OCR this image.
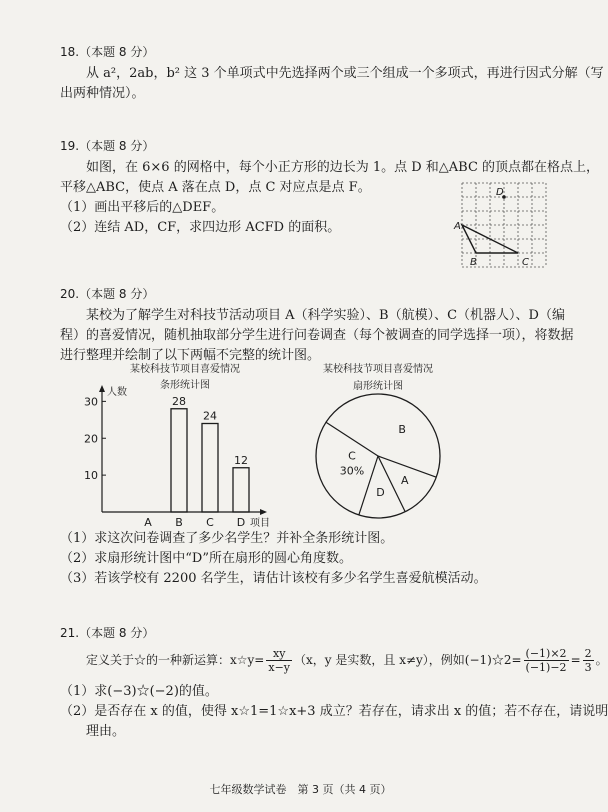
18.（本题 8 分）
从 a²，2ab，b² 这 3 个单项式中先选择两个或三个组成一个多项式，再进行因式分解（写
出两种情况）。
19.（本题 8 分）
如图，在 6×6 的网格中，每个小正方形的边长为 1。点 D 和△ABC 的顶点都在格点上，
平移△ABC，使点 A 落在点 D，点 C 对应点是点 F。
（1）画出平移后的△DEF。
（2）连结 AD，CF，求四边形 ACFD 的面积。	A
B	C
D
20.（本题 8 分）
某校为了解学生对科技节活动项目 A（科学实验）、B（航模）、C（机器人）、D（编
程）的喜爱情况，随机抽取部分学生进行问卷调查（每个被调查的同学选择一项），将数据
进行整理并绘制了以下两幅不完整的统计图。
某校科技节项目喜爱情况
条形统计图
人数
项目
10
20
30
A
28
B
24
C
12
D
某校科技节项目喜爱情况
扇形统计图
B
A
D
C
30%
（1）求这次问卷调查了多少名学生？并补全条形统计图。
（2）求扇形统计图中“D”所在扇形的圆心角度数。
（3）若该学校有 2200 名学生，请估计该校有多少名学生喜爱航模活动。
21.（本题 8 分）
定义关于☆的一种新运算：x☆y= $\frac{xy}{x-y} (x$，y 是实数，且 x≠y），例如(−1)☆2= $\frac{(-1)\times 2}{(-1)-2} = \frac{2}{3}$ 。
（1）求(−3)☆(−2)的值。
（2）是否存在 x 的值，使得 x☆1=1☆x+3 成立？若存在，请求出 x 的值；若不存在，请说明
理由。
七年级数学试卷　第 3 页（共 4 页）
